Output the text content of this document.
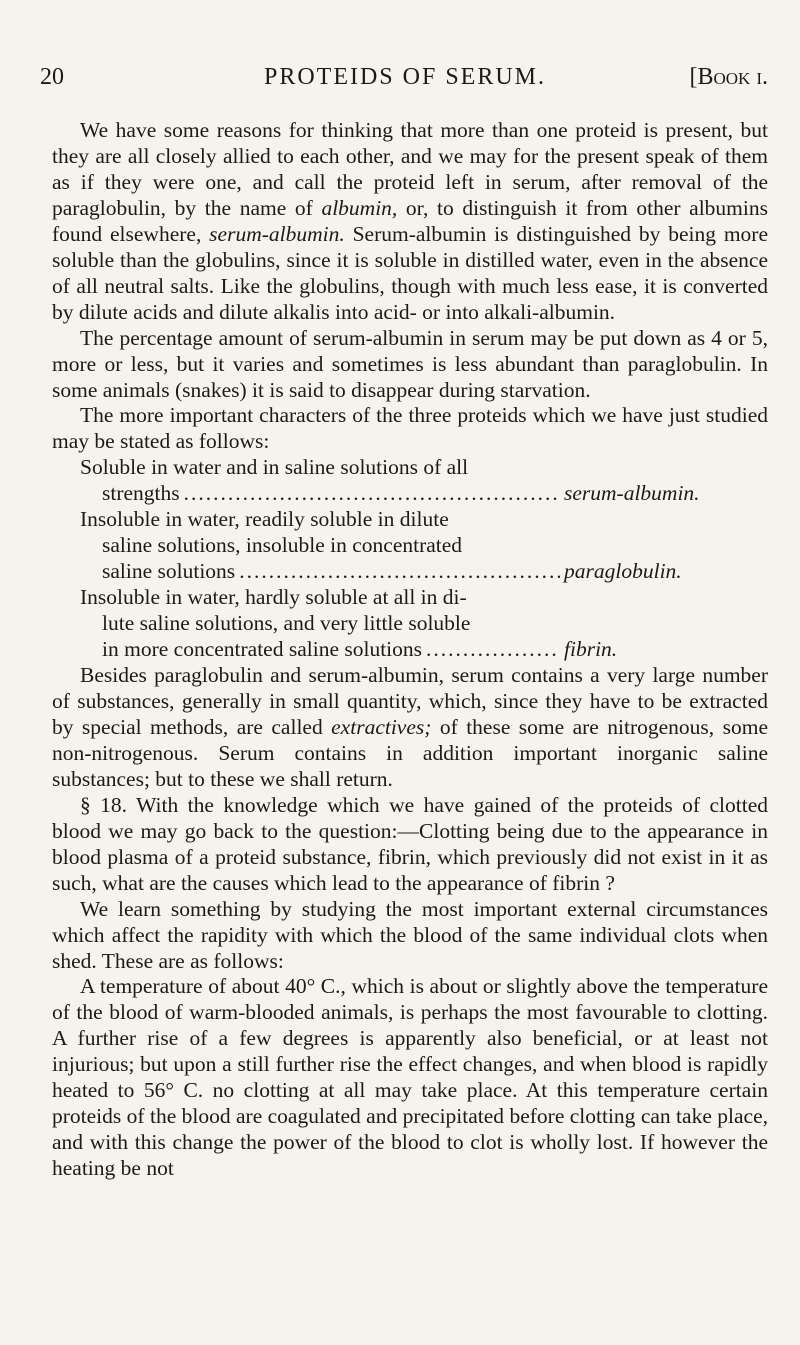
20	PROTEIDS OF SERUM.	[Book i.

We have some reasons for thinking that more than one proteid is present, but they are all closely allied to each other, and we may for the present speak of them as if they were one, and call the proteid left in serum, after removal of the paraglobulin, by the name of albumin, or, to distinguish it from other albumins found elsewhere, serum-albumin. Serum-albumin is distinguished by being more soluble than the globulins, since it is soluble in distilled water, even in the absence of all neutral salts. Like the globulins, though with much less ease, it is converted by dilute acids and dilute alkalis into acid- or into alkali-albumin.

The percentage amount of serum-albumin in serum may be put down as 4 or 5, more or less, but it varies and sometimes is less abundant than paraglobulin. In some animals (snakes) it is said to disappear during starvation.

The more important characters of the three proteids which we have just studied may be stated as follows:

Soluble in water and in saline solutions of all
strengths .....	serum-albumin.
Insoluble in water, readily soluble in dilute
saline solutions, insoluble in concentrated
saline solutions .....	paraglobulin.
Insoluble in water, hardly soluble at all in di-
lute saline solutions, and very little soluble
in more concentrated saline solutions .....	fibrin.

Besides paraglobulin and serum-albumin, serum contains a very large number of substances, generally in small quantity, which, since they have to be extracted by special methods, are called extractives; of these some are nitrogenous, some non-nitrogenous. Serum contains in addition important inorganic saline substances; but to these we shall return.

§ 18. With the knowledge which we have gained of the proteids of clotted blood we may go back to the question:—Clotting being due to the appearance in blood plasma of a proteid substance, fibrin, which previously did not exist in it as such, what are the causes which lead to the appearance of fibrin ?

We learn something by studying the most important external circumstances which affect the rapidity with which the blood of the same individual clots when shed. These are as follows:

A temperature of about 40° C., which is about or slightly above the temperature of the blood of warm-blooded animals, is perhaps the most favourable to clotting. A further rise of a few degrees is apparently also beneficial, or at least not injurious; but upon a still further rise the effect changes, and when blood is rapidly heated to 56° C. no clotting at all may take place. At this temperature certain proteids of the blood are coagulated and precipitated before clotting can take place, and with this change the power of the blood to clot is wholly lost. If however the heating be not
